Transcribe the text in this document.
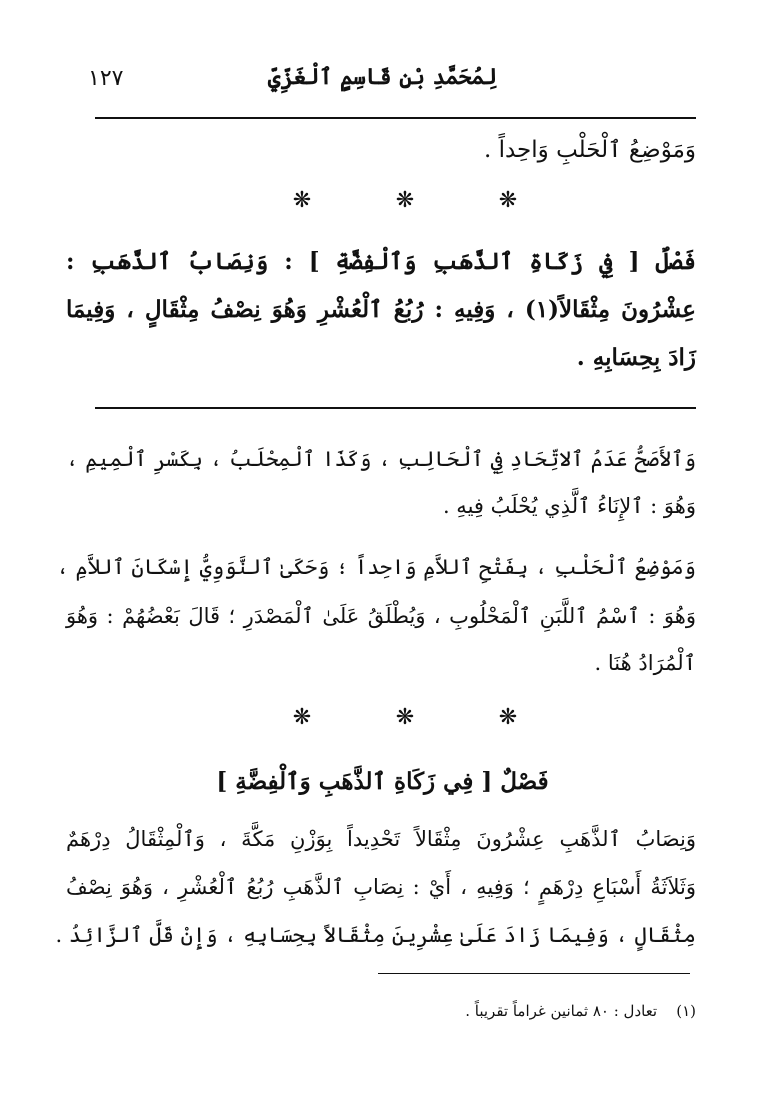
١٢٧	لِمُحَمَّدِ بْنِ قَاسِمٍ ٱلْغَزِّيِّ
وَمَوْضِعُ ٱلْحَلْبِ وَاحِداً .
❋
❋
❋
فَصْلٌ [ فِي زَكَاةِ ٱلذَّهَبِ وَٱلْفِضَّةِ ] : وَنِصَابُ ٱلذَّهَبِ :
عِشْرُونَ مِثْقَالاً(١) ، وَفِيهِ : رُبُعُ ٱلْعُشْرِ وَهُوَ نِصْفُ مِثْقَالٍ ، وَفِيمَا
زَادَ بِحِسَابِهِ .
وَٱلأَصَحُّ عَدَمُ ٱلاتِّحَادِ فِي ٱلْحَالِبِ ، وَكَذَا ٱلْمِحْلَبُ ، بِكَسْرِ ٱلْمِيمِ ،
وَهُوَ : ٱلإِنَاءُ ٱلَّذِي يُحْلَبُ فِيهِ .
وَمَوْضِعُ ٱلْحَلْبِ ، بِفَتْحِ ٱللاَّمِ وَاحِداً ؛ وَحَكَىٰ ٱلنَّوَوِيُّ إِسْكَانَ ٱللاَّمِ ،
وَهُوَ : ٱسْمُ ٱللَّبَنِ ٱلْمَحْلُوبِ ، وَيُطْلَقُ عَلَىٰ ٱلْمَصْدَرِ ؛ قَالَ بَعْضُهُمْ : وَهُوَ
ٱلْمُرَادُ هُنَا .
❋
❋
❋
فَصْلٌ [ فِي زَكَاةِ ٱلذَّهَبِ وَٱلْفِضَّةِ ]
وَنِصَابُ ٱلذَّهَبِ عِشْرُونَ مِثْقَالاً تَحْدِيداً بِوَزْنِ مَكَّةَ ، وَٱلْمِثْقَالُ دِرْهَمٌ
وَثَلاَثَةُ أَسْبَاعِ دِرْهَمٍ ؛ وَفِيهِ ، أَيْ : نِصَابِ ٱلذَّهَبِ رُبُعُ ٱلْعُشْرِ ، وَهُوَ نِصْفُ
مِثْقَالٍ ، وَفِيمَا زَادَ عَلَىٰ عِشْرِينَ مِثْقَالاً بِحِسَابِهِ ، وَإِنْ قَلَّ ٱلزَّائِدُ .
(١)    تعادل : ٨٠ ثمانين غراماً تقريباً .
